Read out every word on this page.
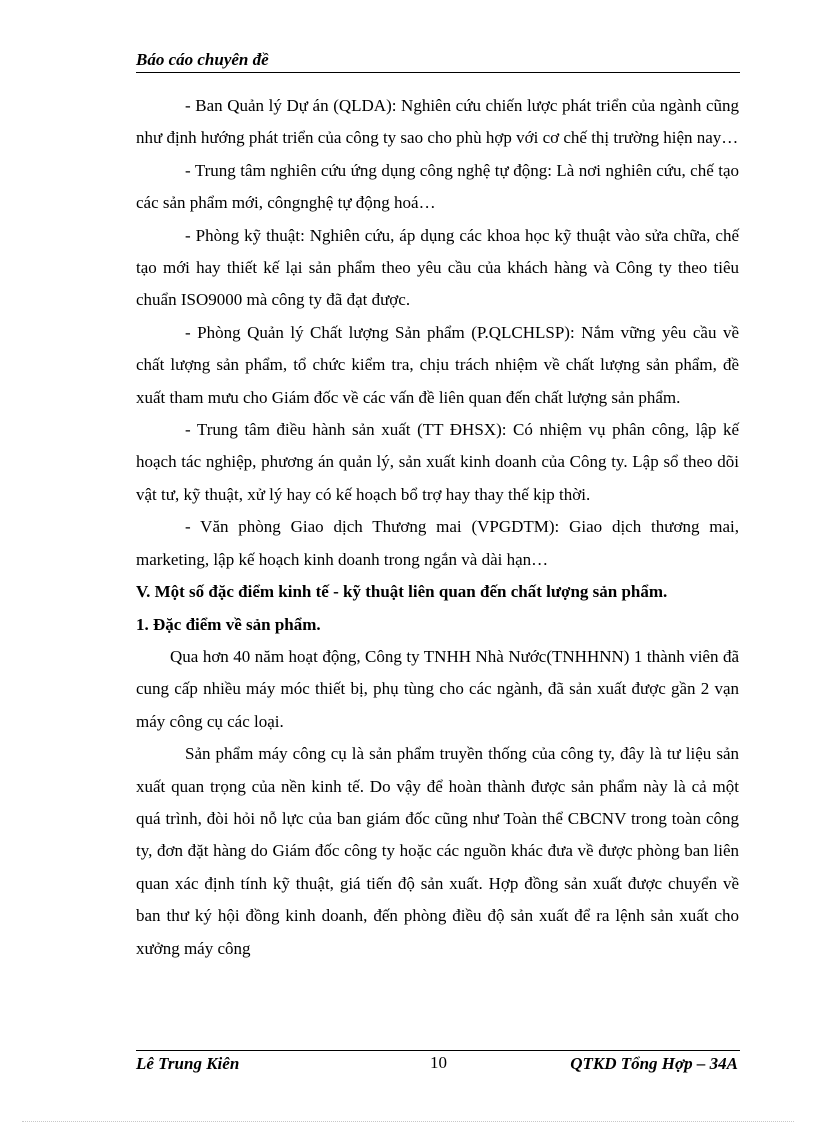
Báo cáo chuyên đề

- Ban Quản lý Dự án (QLDA): Nghiên cứu chiến lược phát triển của ngành cũng như định hướng phát triển của công ty sao cho phù hợp với cơ chế thị trường hiện nay…

- Trung tâm nghiên cứu ứng dụng công nghệ tự động: Là nơi nghiên cứu, chế tạo các sản phẩm mới, côngnghệ tự động hoá…

- Phòng kỹ thuật: Nghiên cứu, áp dụng các khoa học kỹ thuật vào sửa chữa, chế tạo mới hay thiết kế lại sản phẩm theo yêu cầu của khách hàng và Công ty theo tiêu chuẩn ISO9000 mà công ty đã đạt được.

- Phòng Quản lý Chất lượng Sản phẩm (P.QLCHLSP): Nắm vững yêu cầu về chất lượng sản phẩm, tổ chức kiểm tra, chịu trách nhiệm về chất lượng sản phẩm, đề xuất tham mưu cho Giám đốc về các vấn đề liên quan đến chất lượng sản phẩm.

- Trung tâm điều hành sản xuất (TT ĐHSX): Có nhiệm vụ phân công, lập kế hoạch tác nghiệp, phương án quản lý, sản xuất kinh doanh của Công ty. Lập sổ theo dõi vật tư, kỹ thuật, xử lý hay có kế hoạch bổ trợ hay thay thế kịp thời.

- Văn phòng Giao dịch Thương mai (VPGDTM): Giao dịch thương mai, marketing, lập kế hoạch kinh doanh trong ngắn và dài hạn…

V. Một số đặc điểm kinh tế - kỹ thuật liên quan đến chất lượng sản phẩm.

1. Đặc điểm về sản phẩm.

Qua hơn 40 năm hoạt động, Công ty TNHH Nhà Nước(TNHHNN) 1 thành viên đã cung cấp nhiều máy móc thiết bị, phụ tùng cho các ngành, đã sản xuất được gần 2 vạn máy công cụ các loại.

Sản phẩm máy công cụ là sản phẩm truyền thống của công ty, đây là tư liệu sản xuất quan trọng của nền kinh tế. Do vậy để hoàn thành được sản phẩm này là cả một quá trình, đòi hỏi nỗ lực của ban giám đốc cũng như Toàn thể CBCNV trong toàn công ty, đơn đặt hàng do Giám đốc công ty hoặc các nguồn khác đưa về được phòng ban liên quan xác định tính kỹ thuật, giá tiến độ sản xuất. Hợp đồng sản xuất được chuyển về ban thư ký hội đồng kinh doanh, đến phòng điều độ sản xuất để ra lệnh sản xuất cho xưởng máy công

Lê Trung Kiên	10	QTKD Tổng Hợp – 34A
